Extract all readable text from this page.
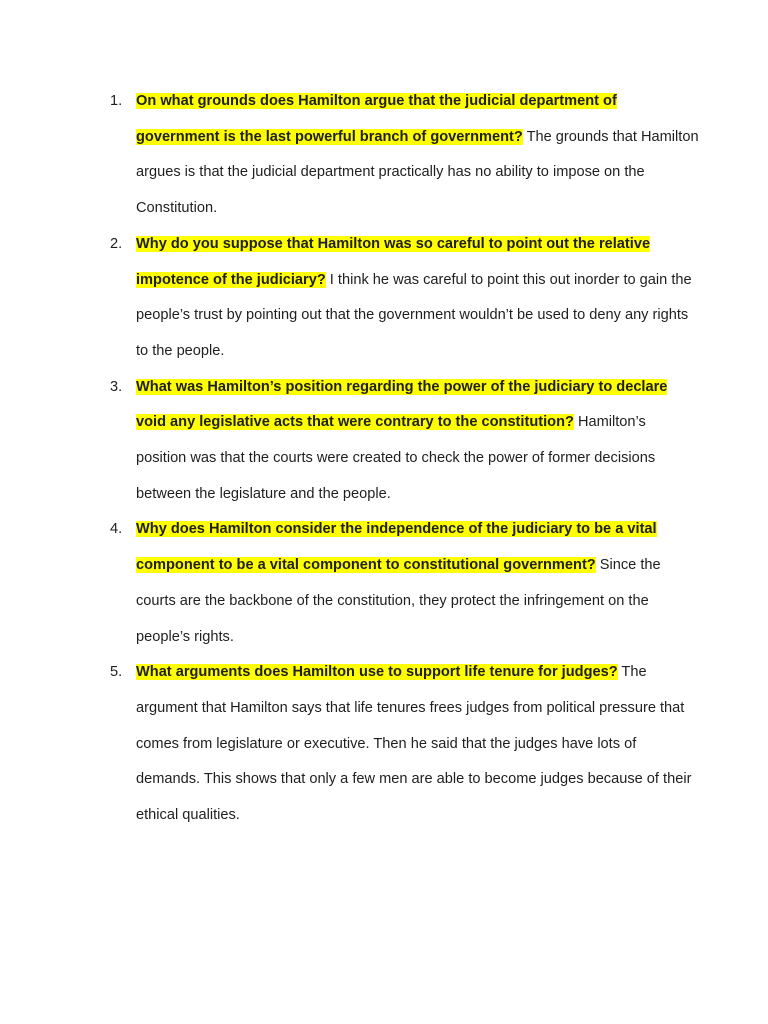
1. On what grounds does Hamilton argue that the judicial department of government is the last powerful branch of government? The grounds that Hamilton argues is that the judicial department practically has no ability to impose on the Constitution.
2. Why do you suppose that Hamilton was so careful to point out the relative impotence of the judiciary? I think he was careful to point this out inorder to gain the people’s trust by pointing out that the government wouldn’t be used to deny any rights to the people.
3. What was Hamilton’s position regarding the power of the judiciary to declare void any legislative acts that were contrary to the constitution? Hamilton’s position was that the courts were created to check the power of former decisions between the legislature and the people.
4. Why does Hamilton consider the independence of the judiciary to be a vital component to be a vital component to constitutional government? Since the courts are the backbone of the constitution, they protect the infringement on the people’s rights.
5. What arguments does Hamilton use to support life tenure for judges? The argument that Hamilton says that life tenures frees judges from political pressure that comes from legislature or executive. Then he said that the judges have lots of demands. This shows that only a few men are able to become judges because of their ethical qualities.
